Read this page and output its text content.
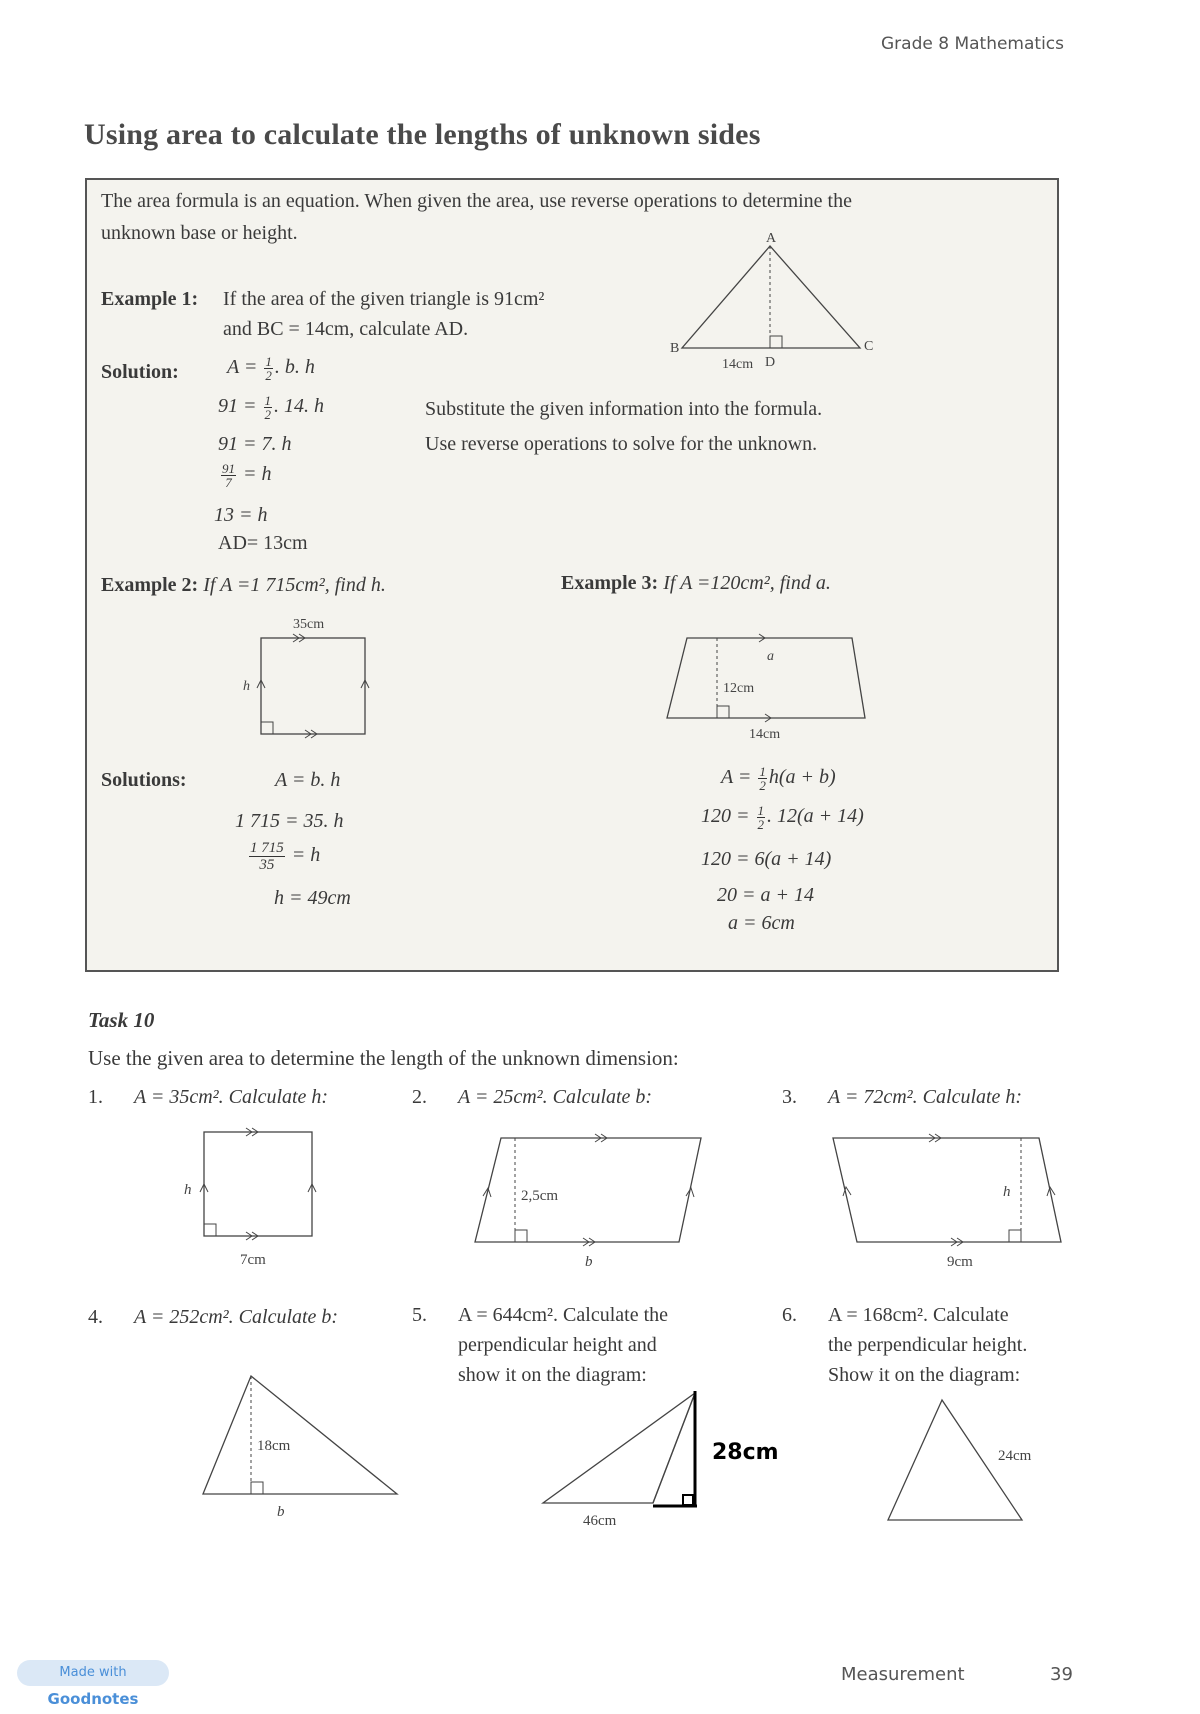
Grade 8 Mathematics
Using area to calculate the lengths of unknown sides
The area formula is an equation. When given the area, use reverse operations to determine the
unknown base or height.
Example 1: If the area of the given triangle is 91cm²
and BC = 14cm, calculate AD.
Solution: $A = \frac{1}{2}$ . b. h
$91 = \frac{1}{2}$ . 14. h
91 = 7. h
$\frac{91}{7} = h$
13 = h
AD= 13cm
Substitute the given information into the formula.
Use reverse operations to solve for the unknown.
A
B	C
D
14cm
Example 2: If A =1 715cm², find h.
35cm
h
Example 3: If A =120cm², find a.
a
12cm
14cm
Solutions:	A = b. h
1 715 = 35. h
$\frac{1 715}{35} = h$
h = 49cm
$A = \frac{1}{2} h(a + b)$
$120 = \frac{1}{2}$ . 12(a + 14)
120 = 6(a + 14)
20 = a + 14
a = 6cm
Task 10
Use the given area to determine the length of the unknown dimension:
1. A = 35cm². Calculate h:
h
7cm
2. A = 25cm². Calculate b:
2,5cm
b
3. A = 72cm². Calculate h:
h
9cm
4. A = 252cm². Calculate b:
18cm
b
5. A = 644cm². Calculate the
perpendicular height and
show it on the diagram:
46cm
28cm
6. A = 168cm². Calculate
the perpendicular height.
Show it on the diagram:
24cm
Measurement	39
Made with Goodnotes
